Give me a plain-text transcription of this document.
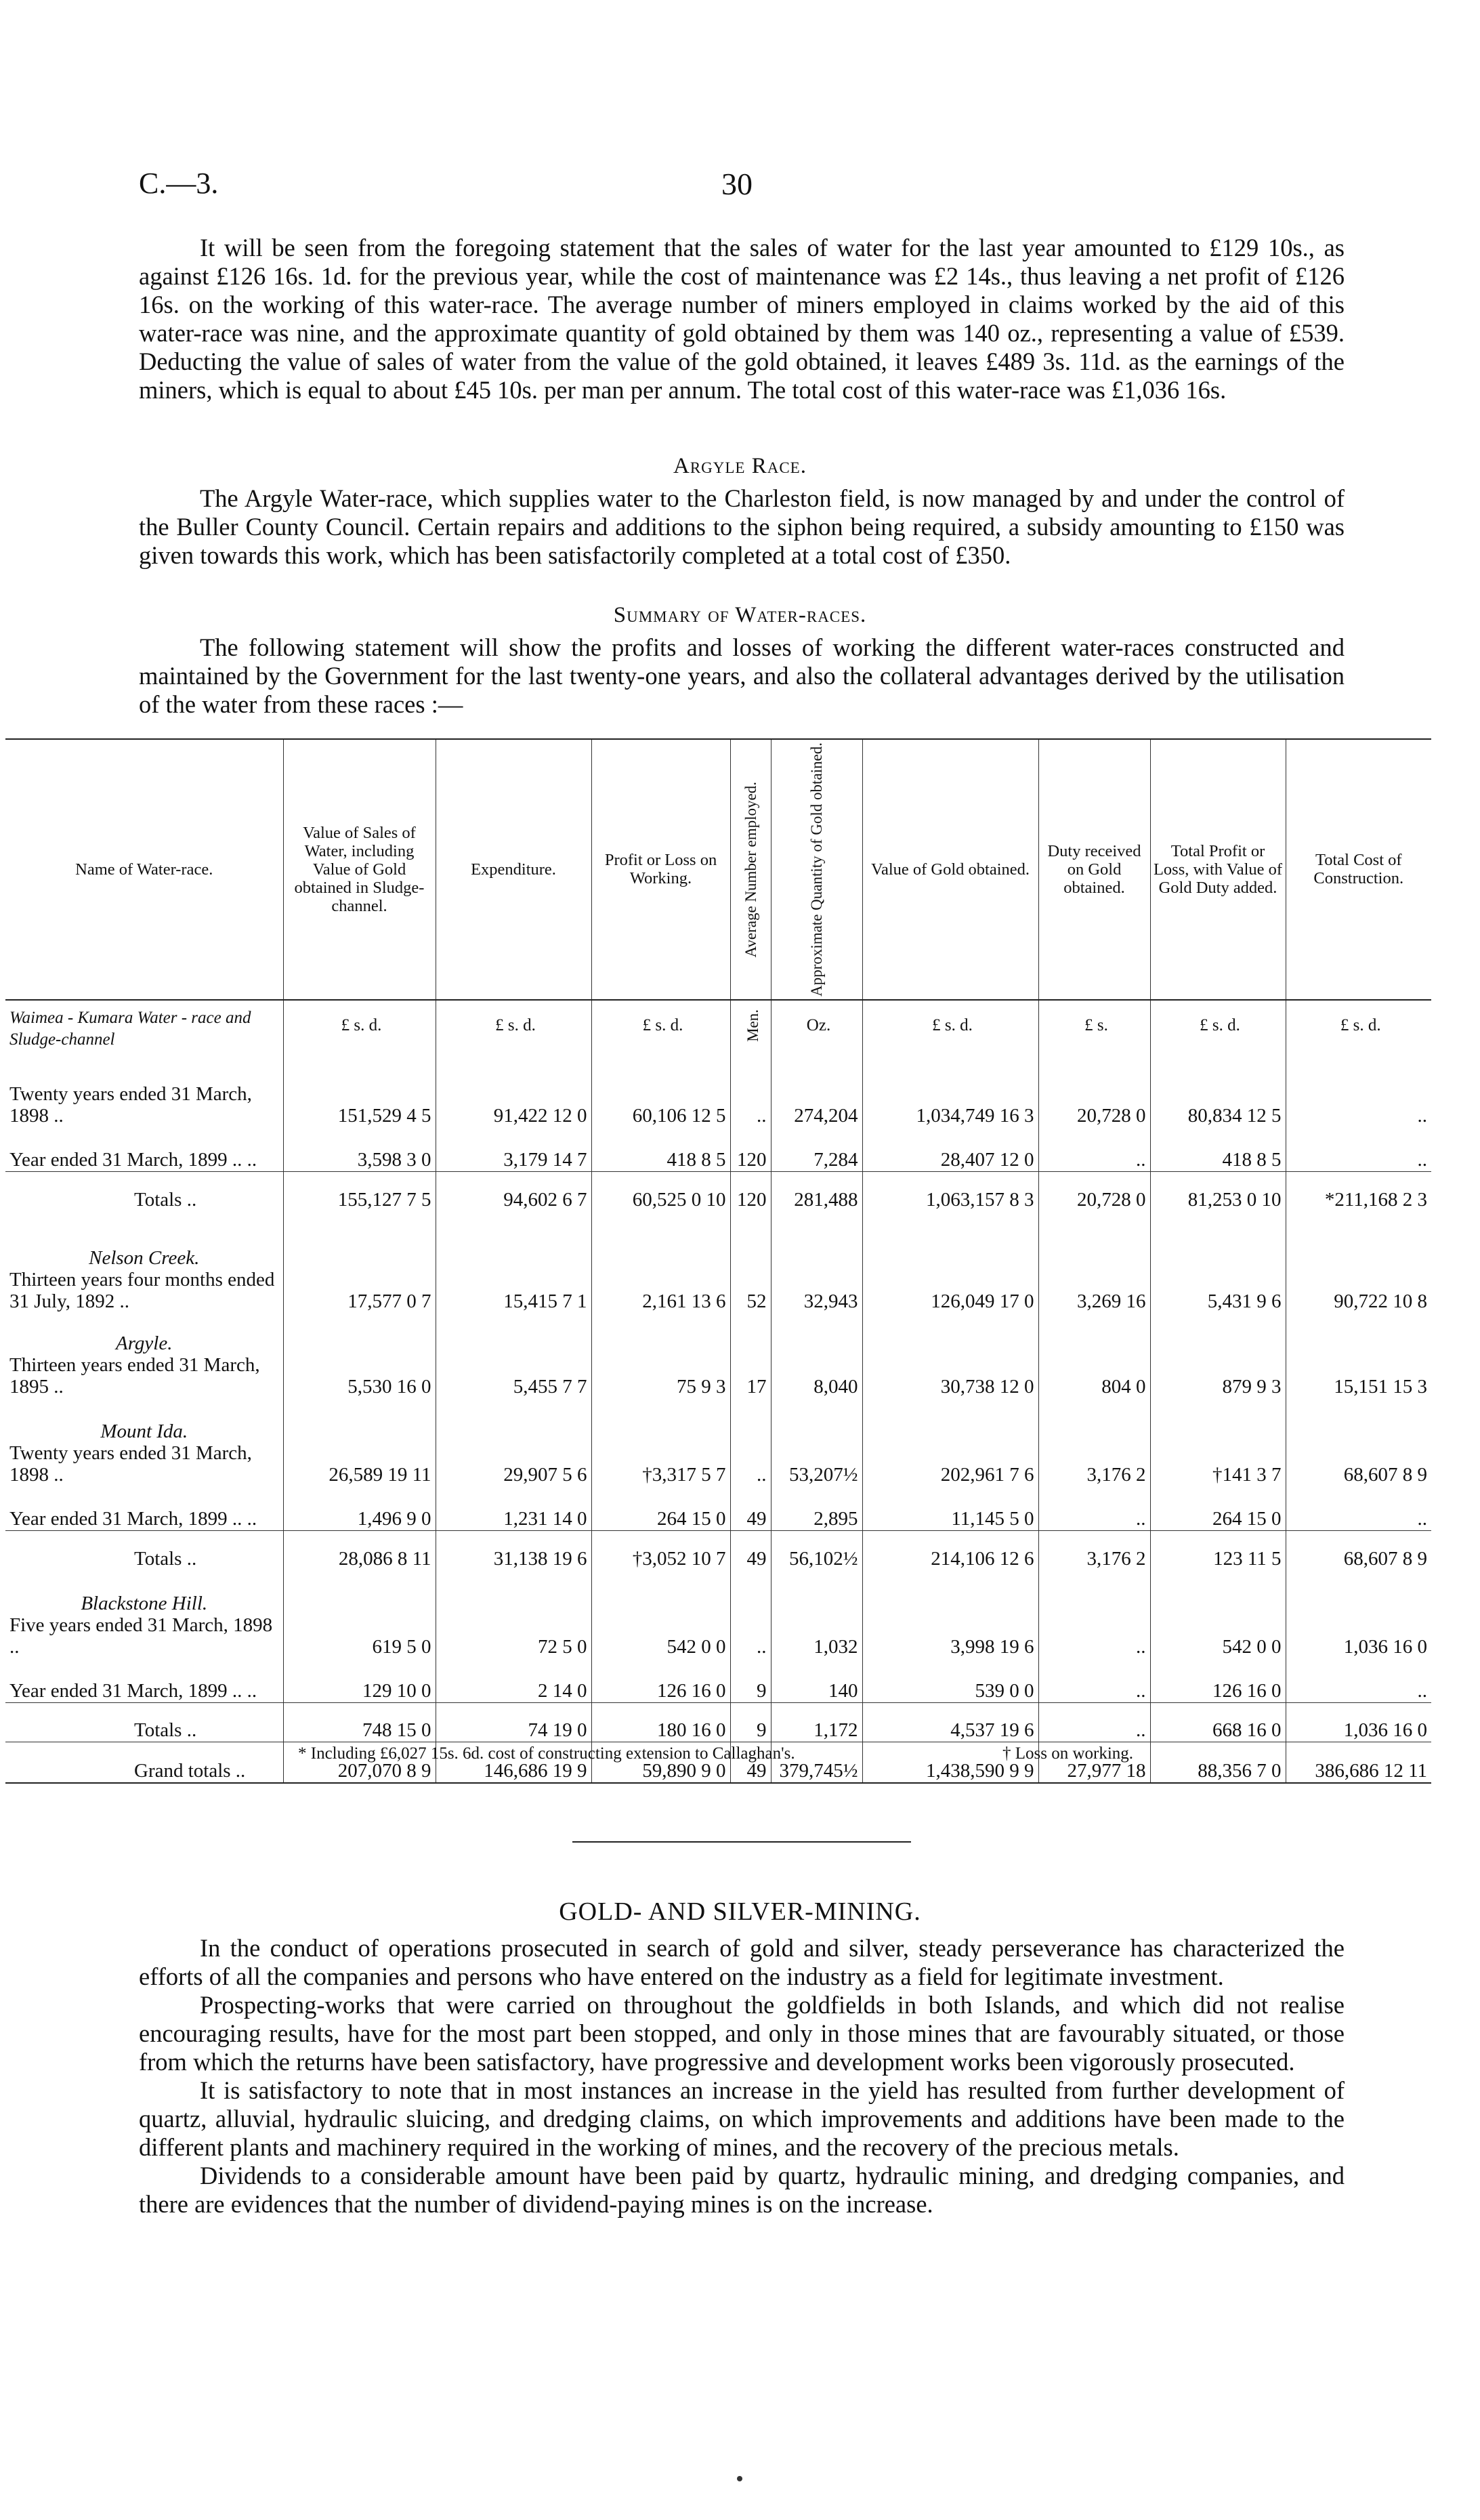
C.—3.	30

It will be seen from the foregoing statement that the sales of water for the last year amounted to £129 10s., as against £126 16s. 1d. for the previous year, while the cost of maintenance was £2 14s., thus leaving a net profit of £126 16s. on the working of this water-race. The average number of miners employed in claims worked by the aid of this water-race was nine, and the approximate quantity of gold obtained by them was 140 oz., representing a value of £539. Deducting the value of sales of water from the value of the gold obtained, it leaves £489 3s. 11d. as the earnings of the miners, which is equal to about £45 10s. per man per annum. The total cost of this water-race was £1,036 16s.

Argyle Race.

The Argyle Water-race, which supplies water to the Charleston field, is now managed by and under the control of the Buller County Council. Certain repairs and additions to the siphon being required, a subsidy amounting to £150 was given towards this work, which has been satisfactorily completed at a total cost of £350.

Summary of Water-races.

The following statement will show the profits and losses of working the different water-races constructed and maintained by the Government for the last twenty-one years, and also the collateral advantages derived by the utilisation of the water from these races :—

Name of Water-race.	Value of Sales of Water, including Value of Gold obtained in Sludge-channel.	Expenditure.	Profit or Loss on Working.	Average Number employed.	Approximate Quantity of Gold obtained.	Value of Gold obtained.	Duty received on Gold obtained.	Total Profit or Loss, with Value of Gold Duty added.	Total Cost of Construction.

Waimea - Kumara Water - race and Sludge-channel	£ s. d.	£ s. d.	£ s. d.	Men.	Oz.	£ s. d.	£ s.	£ s. d.	£ s. d.
Twenty years ended 31 March, 1898 ..	151,529 4 5	91,422 12 0	60,106 12 5	..	274,204	1,034,749 16 3	20,728 0	80,834 12 5	..
Year ended 31 March, 1899 .. ..	3,598 3 0	3,179 14 7	418 8 5	120	7,284	28,407 12 0	..	418 8 5	..
Totals ..	155,127 7 5	94,602 6 7	60,525 0 10	120	281,488	1,063,157 8 3	20,728 0	81,253 0 10	*211,168 2 3

Nelson Creek.
Thirteen years four months ended 31 July, 1892 ..	17,577 0 7	15,415 7 1	2,161 13 6	52	32,943	126,049 17 0	3,269 16	5,431 9 6	90,722 10 8

Argyle.
Thirteen years ended 31 March, 1895 ..	5,530 16 0	5,455 7 7	75 9 3	17	8,040	30,738 12 0	804 0	879 9 3	15,151 15 3

Mount Ida.
Twenty years ended 31 March, 1898 ..	26,589 19 11	29,907 5 6	†3,317 5 7	..	53,207½	202,961 7 6	3,176 2	†141 3 7	68,607 8 9
Year ended 31 March, 1899 .. ..	1,496 9 0	1,231 14 0	264 15 0	49	2,895	11,145 5 0	..	264 15 0	..
Totals ..	28,086 8 11	31,138 19 6	†3,052 10 7	49	56,102½	214,106 12 6	3,176 2	123 11 5	68,607 8 9

Blackstone Hill.
Five years ended 31 March, 1898 ..	619 5 0	72 5 0	542 0 0	..	1,032	3,998 19 6	..	542 0 0	1,036 16 0
Year ended 31 March, 1899 .. ..	129 10 0	2 14 0	126 16 0	9	140	539 0 0	..	126 16 0	..
Totals ..	748 15 0	74 19 0	180 16 0	9	1,172	4,537 19 6	..	668 16 0	1,036 16 0
Grand totals ..	207,070 8 9	146,686 19 9	59,890 9 0	49	379,745½	1,438,590 9 9	27,977 18	88,356 7 0	386,686 12 11
* Including £6,027 15s. 6d. cost of constructing extension to Callaghan's.	† Loss on working.
GOLD- AND SILVER-MINING.

In the conduct of operations prosecuted in search of gold and silver, steady perseverance has characterized the efforts of all the companies and persons who have entered on the industry as a field for legitimate investment.

Prospecting-works that were carried on throughout the goldfields in both Islands, and which did not realise encouraging results, have for the most part been stopped, and only in those mines that are favourably situated, or those from which the returns have been satisfactory, have progressive and development works been vigorously prosecuted.

It is satisfactory to note that in most instances an increase in the yield has resulted from further development of quartz, alluvial, hydraulic sluicing, and dredging claims, on which improvements and additions have been made to the different plants and machinery required in the working of mines, and the recovery of the precious metals.

Dividends to a considerable amount have been paid by quartz, hydraulic mining, and dredging companies, and there are evidences that the number of dividend-paying mines is on the increase.
